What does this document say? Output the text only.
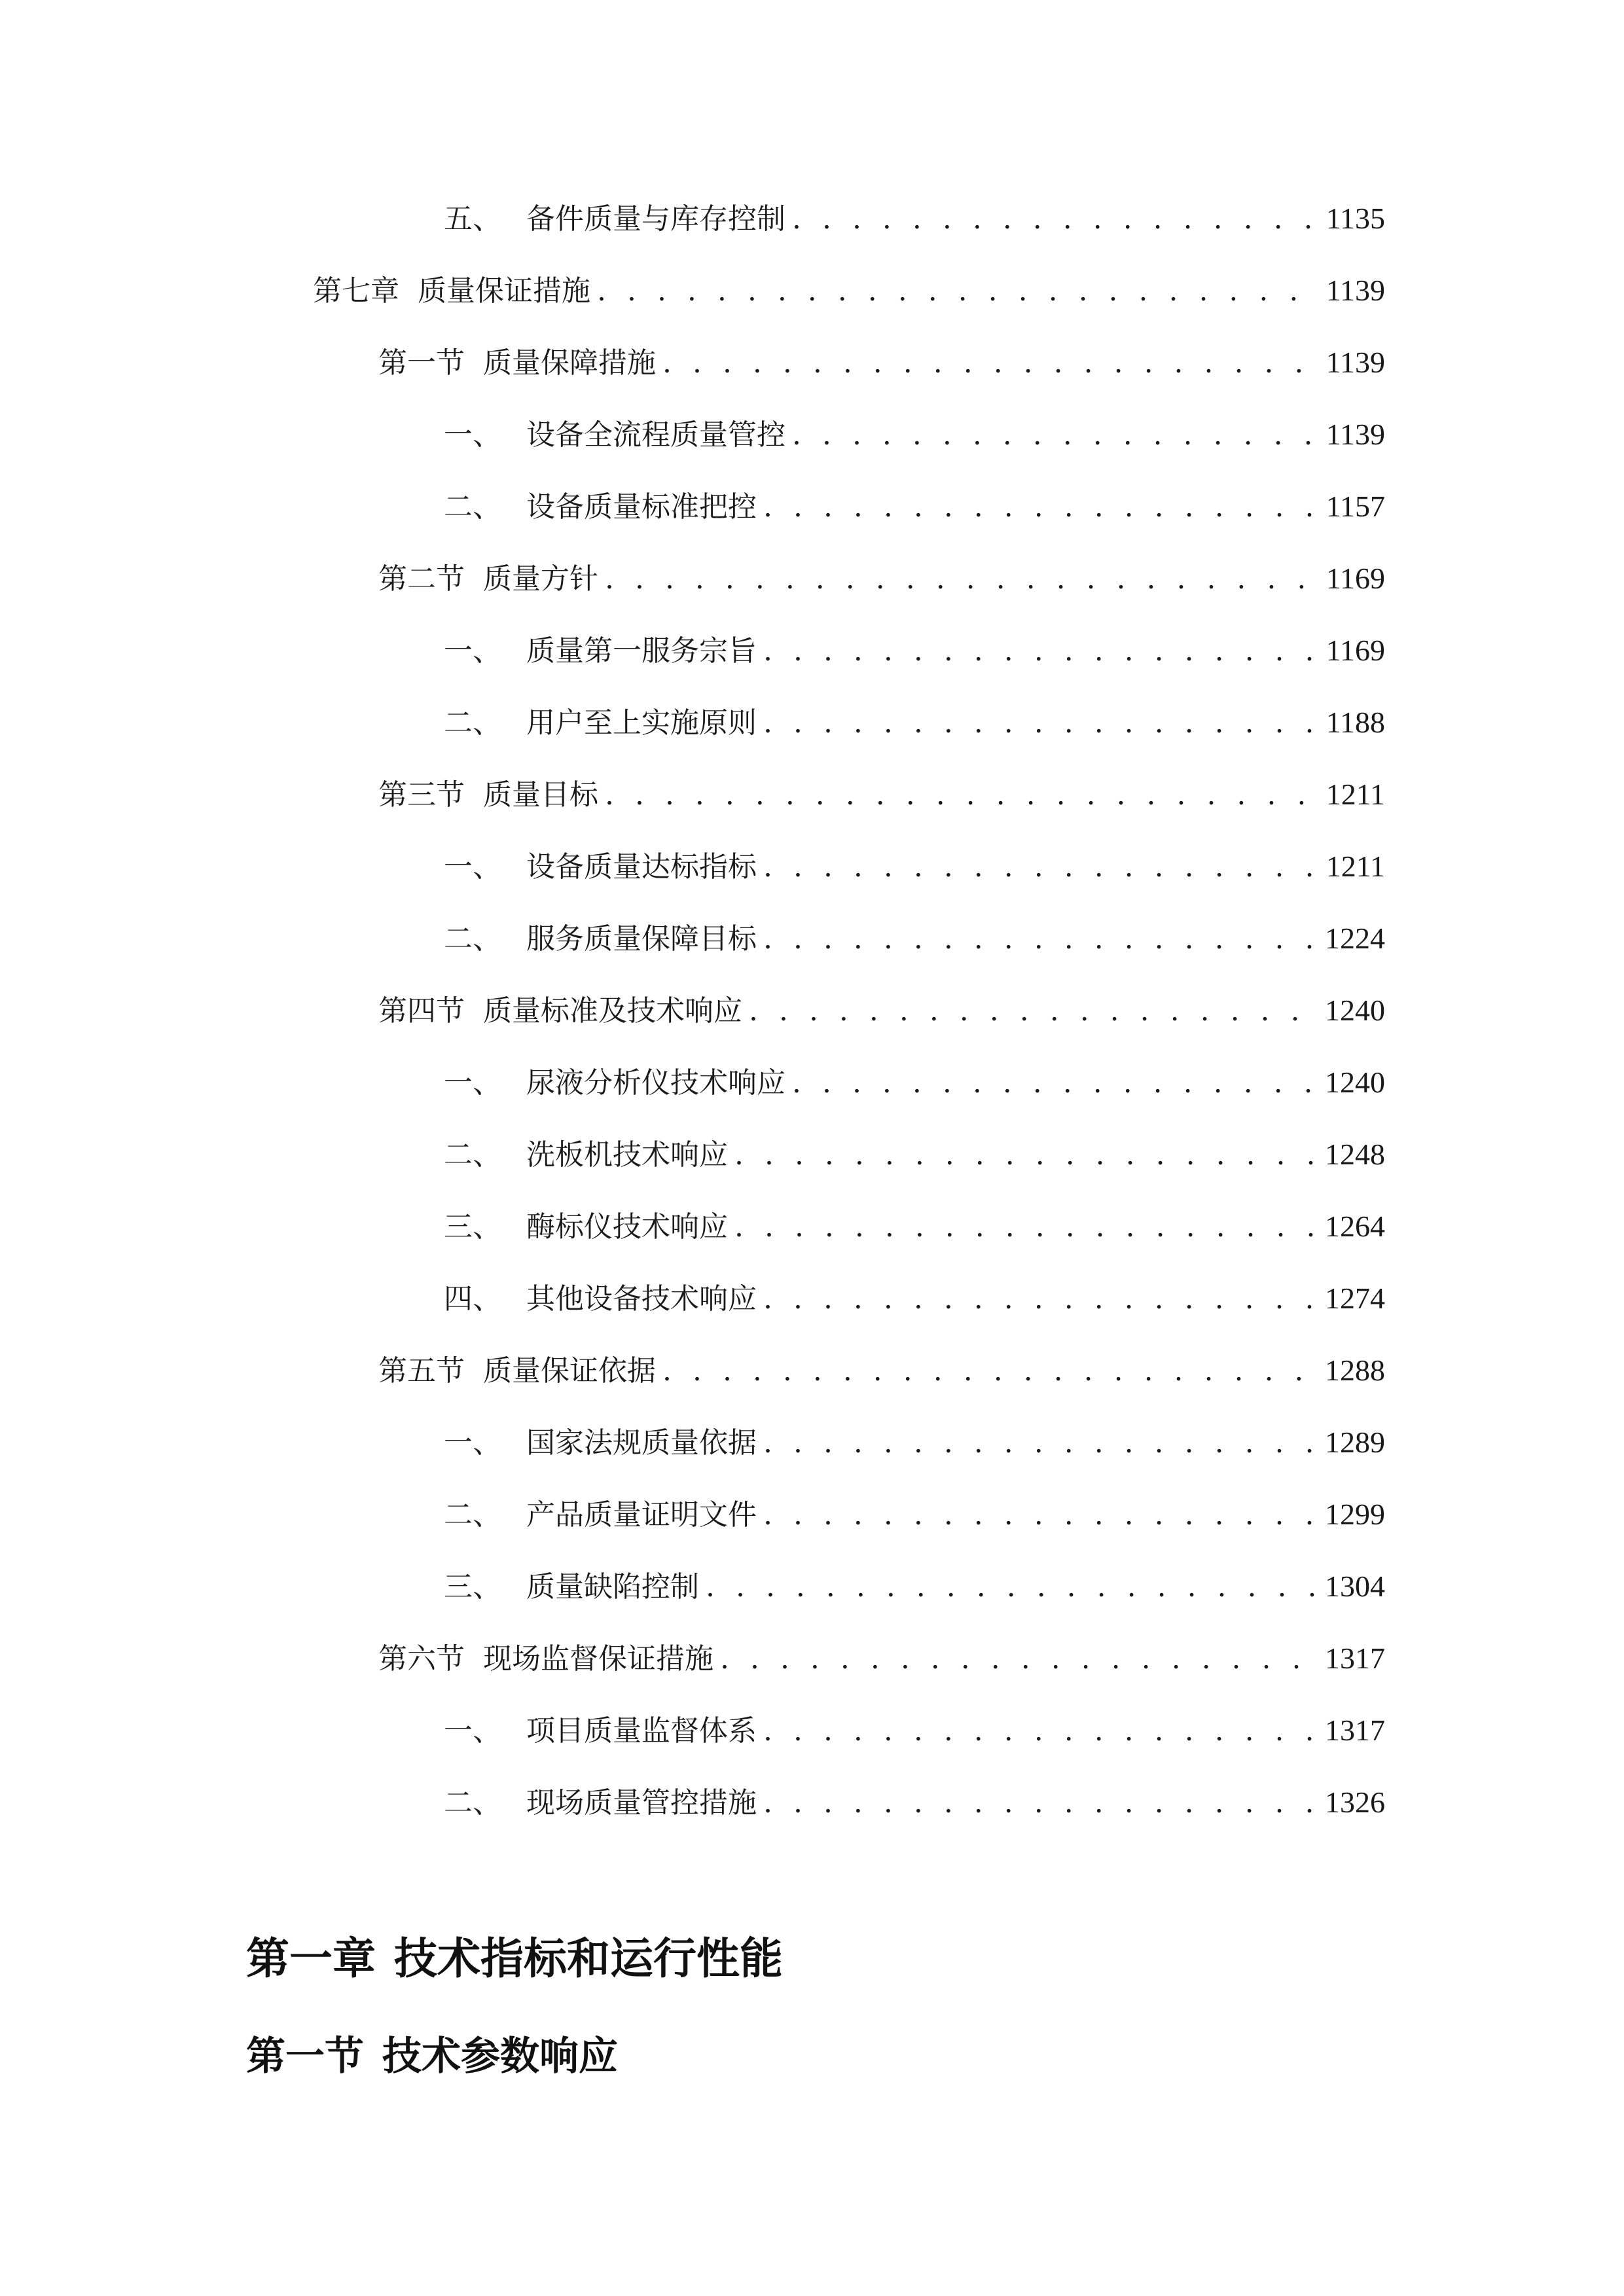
五、 备件质量与库存控制 . . .	1135
第七章 质量保证措施 . . .	1139
第一节 质量保障措施 . . .	1139
一、 设备全流程质量管控 . . .	1139
二、 设备质量标准把控 . . .	1157
第二节 质量方针 . . .	1169
一、 质量第一服务宗旨 . . .	1169
二、 用户至上实施原则 . . .	1188
第三节 质量目标 . . .	1211
一、 设备质量达标指标 . . .	1211
二、 服务质量保障目标 . . .	1224
第四节 质量标准及技术响应 . . .	1240
一、 尿液分析仪技术响应 . . .	1240
二、 洗板机技术响应 . . .	1248
三、 酶标仪技术响应 . . .	1264
四、 其他设备技术响应 . . .	1274
第五节 质量保证依据 . . .	1288
一、 国家法规质量依据 . . .	1289
二、 产品质量证明文件 . . .	1299
三、 质量缺陷控制 . . .	1304
第六节 现场监督保证措施 . . .	1317
一、 项目质量监督体系 . . .	1317
二、 现场质量管控措施 . . .	1326
第一章 技术指标和运行性能
第一节 技术参数响应
